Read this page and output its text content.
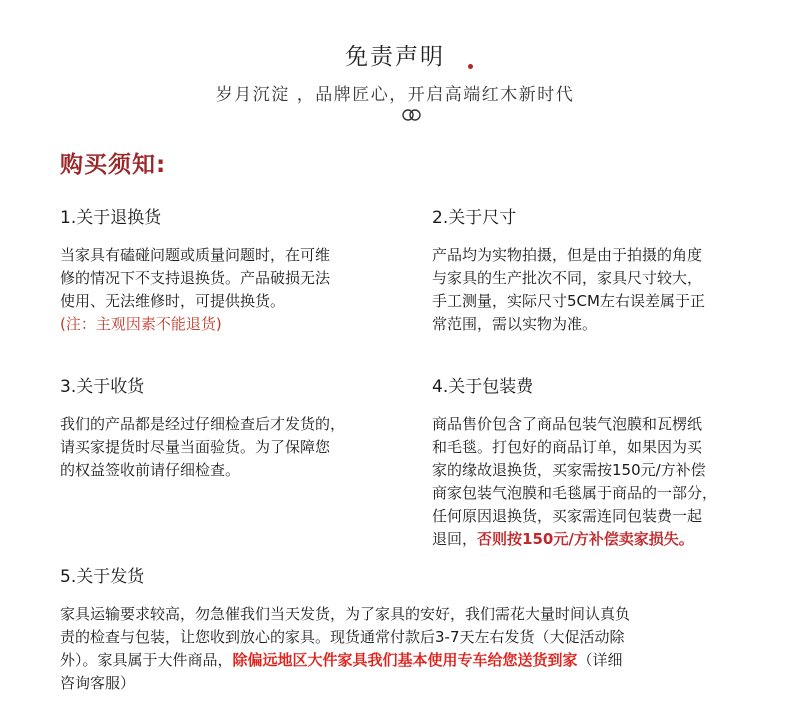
免责声明
岁月沉淀 ，品牌匠心，开启高端红木新时代
购买须知:
1.关于退换货

当家具有磕碰问题或质量问题时，在可维

修的情况下不支持退换货。产品破损无法

使用、无法维修时，可提供换货。

(注：主观因素不能退货)

2.关于尺寸

产品均为实物拍摄，但是由于拍摄的角度

与家具的生产批次不同，家具尺寸较大，

手工测量，实际尺寸5CM左右误差属于正

常范围，需以实物为准。

3.关于收货

我们的产品都是经过仔细检查后才发货的，

请买家提货时尽量当面验货。为了保障您

的权益签收前请仔细检查。

4.关于包装费

商品售价包含了商品包装气泡膜和瓦楞纸

和毛毯。打包好的商品订单，如果因为买

家的缘故退换货，买家需按150元/方补偿

商家包装气泡膜和毛毯属于商品的一部分，

任何原因退换货，买家需连同包装费一起

退回，否则按150元/方补偿卖家损失。

5.关于发货

家具运输要求较高，勿急催我们当天发货，为了家具的安好，我们需花大量时间认真负

责的检查与包装，让您收到放心的家具。现货通常付款后3-7天左右发货（大促活动除

外）。家具属于大件商品，除偏远地区大件家具我们基本使用专车给您送货到家（详细

咨询客服）
